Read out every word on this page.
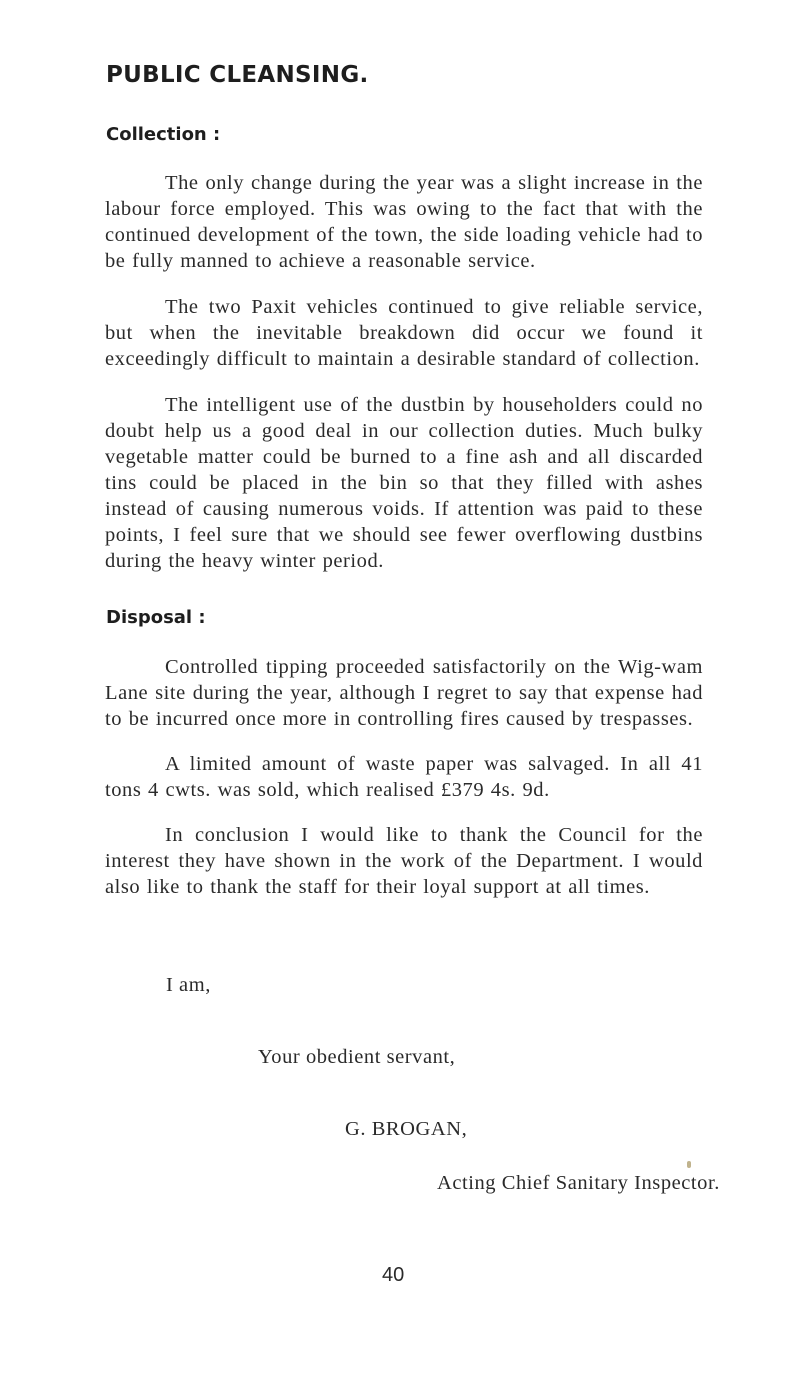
PUBLIC CLEANSING.
Collection :

The only change during the year was a slight increase in the labour force employed. This was owing to the fact that with the continued development of the town, the side loading vehicle had to be fully manned to achieve a reasonable service.

The two Paxit vehicles continued to give reliable service, but when the inevitable breakdown did occur we found it exceedingly difficult to maintain a desirable standard of collection.

The intelligent use of the dustbin by householders could no doubt help us a good deal in our collection duties. Much bulky vegetable matter could be burned to a fine ash and all discarded tins could be placed in the bin so that they filled with ashes instead of causing numerous voids. If attention was paid to these points, I feel sure that we should see fewer overflowing dustbins during the heavy winter period.

Disposal :

Controlled tipping proceeded satisfactorily on the Wig-wam Lane site during the year, although I regret to say that expense had to be incurred once more in controlling fires caused by trespasses.

A limited amount of waste paper was salvaged. In all 41 tons 4 cwts. was sold, which realised £379 4s. 9d.

In conclusion I would like to thank the Council for the interest they have shown in the work of the Department. I would also like to thank the staff for their loyal support at all times.

I am,

Your obedient servant,

G. BROGAN,

Acting Chief Sanitary Inspector.

40
